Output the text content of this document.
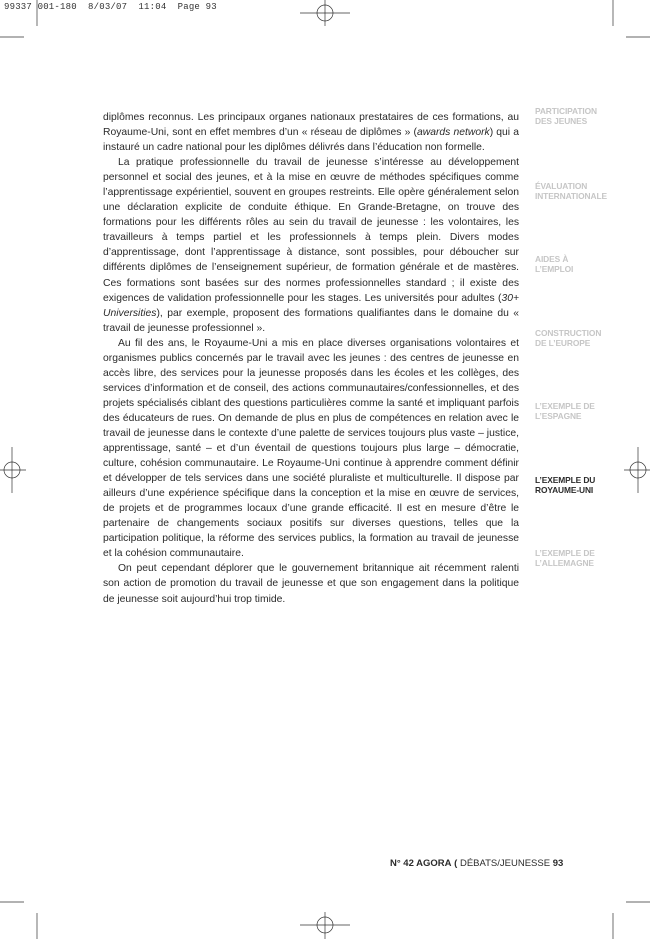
99337 001-180  8/03/07  11:04  Page 93

diplômes reconnus. Les principaux organes nationaux prestataires de ces formations, au Royaume-Uni, sont en effet membres d’un « réseau de diplômes » (awards network) qui a instauré un cadre national pour les diplômes délivrés dans l’éducation non formelle.

La pratique professionnelle du travail de jeunesse s’intéresse au développement personnel et social des jeunes, et à la mise en œuvre de méthodes spécifiques comme l’apprentissage expérientiel, souvent en groupes restreints. Elle opère généralement selon une déclaration explicite de conduite éthique. En Grande-Bretagne, on trouve des formations pour les différents rôles au sein du travail de jeunesse : les volontaires, les travailleurs à temps partiel et les professionnels à temps plein. Divers modes d’apprentissage, dont l’apprentissage à distance, sont possibles, pour déboucher sur différents diplômes de l’enseignement supérieur, de formation générale et de mastères. Ces formations sont basées sur des normes professionnelles standard ; il existe des exigences de validation professionnelle pour les stages. Les universités pour adultes (30+ Universities), par exemple, proposent des formations qualifiantes dans le domaine du « travail de jeunesse professionnel ».

Au fil des ans, le Royaume-Uni a mis en place diverses organisations volontaires et organismes publics concernés par le travail avec les jeunes : des centres de jeunesse en accès libre, des services pour la jeunesse proposés dans les écoles et les collèges, des services d’information et de conseil, des actions communautaires/confessionnelles, et des projets spécialisés ciblant des questions particulières comme la santé et impliquant parfois des éducateurs de rues. On demande de plus en plus de compétences en relation avec le travail de jeunesse dans le contexte d’une palette de services toujours plus vaste – justice, apprentissage, santé – et d’un éventail de questions toujours plus large – démocratie, culture, cohésion communautaire. Le Royaume-Uni continue à apprendre comment définir et développer de tels services dans une société pluraliste et multiculturelle. Il dispose par ailleurs d’une expérience spécifique dans la conception et la mise en œuvre de services, de projets et de programmes locaux d’une grande efficacité. Il est en mesure d’être le partenaire de changements sociaux positifs sur diverses questions, telles que la participation politique, la réforme des services publics, la formation au travail de jeunesse et la cohésion communautaire.

On peut cependant déplorer que le gouvernement britannique ait récemment ralenti son action de promotion du travail de jeunesse et que son engagement dans la politique de jeunesse soit aujourd’hui trop timide.

PARTICIPATION
DES JEUNES
ÉVALUATION
INTERNATIONALE
AIDES À
L’EMPLOI
CONSTRUCTION
DE L’EUROPE
L’EXEMPLE DE
L’ESPAGNE
L’EXEMPLE DU
ROYAUME-UNI
L’EXEMPLE DE
L’ALLEMAGNE
N° 42 AGORA ( DÉBATS/JEUNESSE 93
